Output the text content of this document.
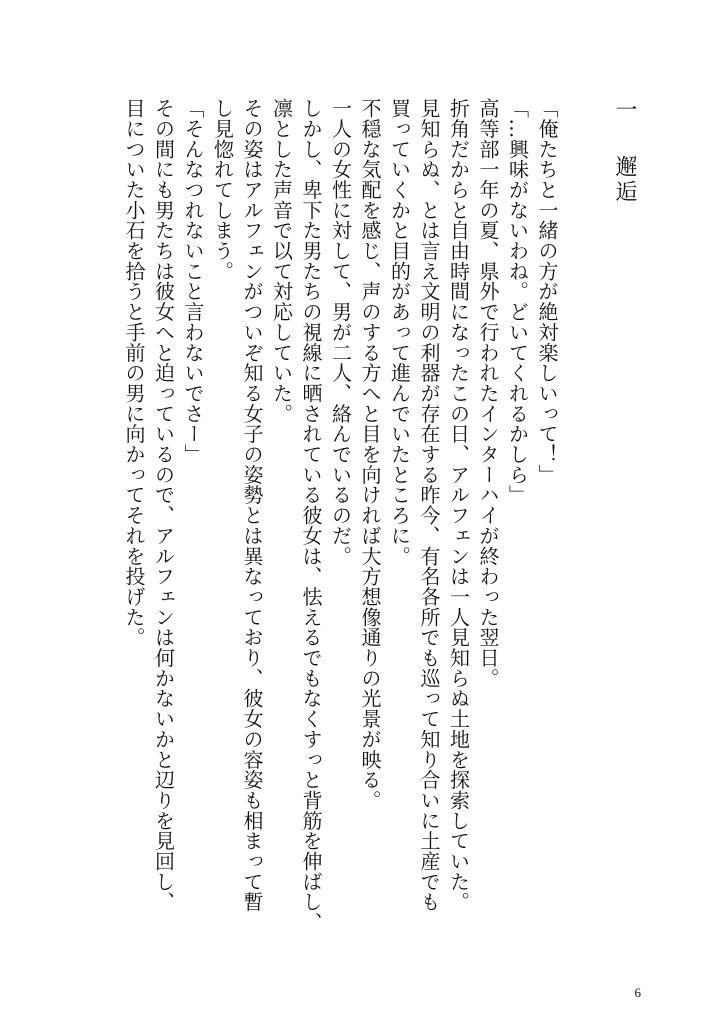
一 邂逅

「俺たちと一緒の方が絶対楽しいって！」

「…興味がないわね。どいてくれるかしら」

高等部一年の夏、県外で行われたインターハイが終わった翌日。

折角だからと自由時間になったこの日、アルフェンは一人見知らぬ土地を探索していた。

見知らぬ、とは言え文明の利器が存在する昨今、有名各所でも巡って知り合いに土産でも

買っていくかと目的があって進んでいたところに。

不穏な気配を感じ、声のする方へと目を向ければ大方想像通りの光景が映る。

一人の女性に対して、男が二人、絡んでいるのだ。

しかし、卑下た男たちの視線に晒されている彼女は、怯えるでもなくすっと背筋を伸ばし、

凛とした声音で以て対応していた。

その姿はアルフェンがついぞ知る女子の姿勢とは異なっており、彼女の容姿も相まって暫

し見惚れてしまう。

「そんなつれないこと言わないでさー」

その間にも男たちは彼女へと迫っているので、アルフェンは何かないかと辺りを見回し、

目についた小石を拾うと手前の男に向かってそれを投げた。

6
